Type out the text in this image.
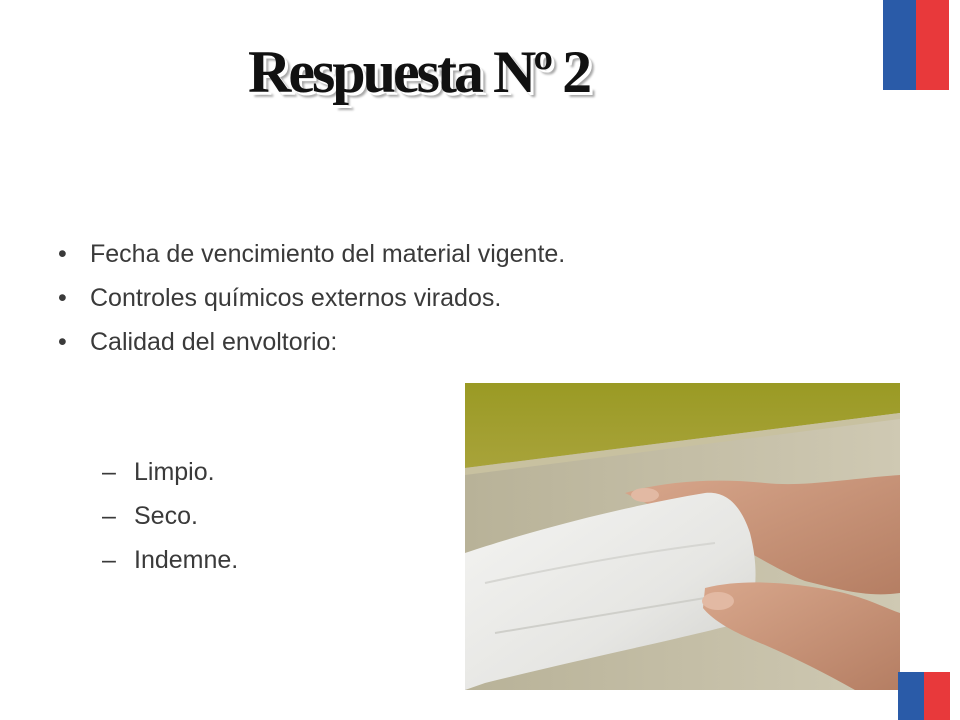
Respuesta Nº 2
• Fecha de vencimiento del material vigente.
• Controles químicos externos virados.
• Calidad del envoltorio:
– Limpio.
– Seco.
– Indemne.
